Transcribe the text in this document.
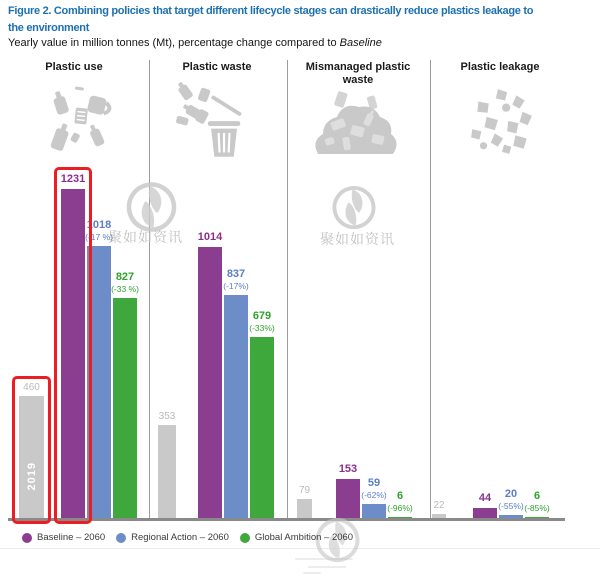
Figure 2. Combining policies that target different lifecycle stages can drastically reduce plastics leakage to
the environment
Yearly value in million tonnes (Mt), percentage change compared to Baseline
聚如如资讯	聚如如资讯
Plastic use
2019
460
1231
1018
(-17 %)
827
(-33 %)
Plastic waste
353
1014
837
(-17%)
679
(-33%)
Mismanaged plastic waste
79
153
59
(-62%) 6
(-96%)
Plastic leakage
22
44	20
(-55%)
6
(-85%)
Baseline – 2060	Regional Action – 2060	Global Ambition – 2060
